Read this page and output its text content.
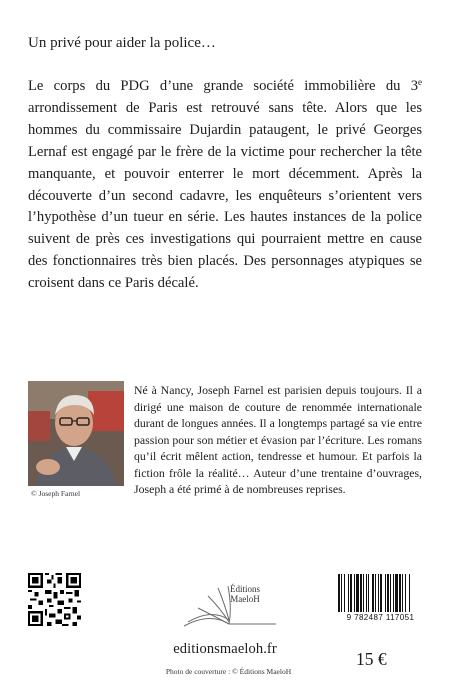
Un privé pour aider la police…

Le corps du PDG d’une grande société immobilière du 3e arrondissement de Paris est retrouvé sans tête. Alors que les hommes du commissaire Dujardin pataugent, le privé Georges Lernaf est engagé par le frère de la victime pour rechercher la tête manquante, et pouvoir enterrer le mort décemment. Après la découverte d’un second cadavre, les enquêteurs s’orientent vers l’hypothèse d’un tueur en série. Les hautes instances de la police suivent de près ces investigations qui pourraient mettre en cause des fonctionnaires très bien placés. Des personnages atypiques se croisent dans ce Paris décalé.

© Joseph Farnel

Né à Nancy, Joseph Farnel est parisien depuis toujours. Il a dirigé une maison de couture de renommée internationale durant de longues années. Il a longtemps partagé sa vie entre passion pour son métier et évasion par l’écriture. Les romans qu’il écrit mêlent action, tendresse et humour. Et parfois la fiction frôle la réalité… Auteur d’une trentaine d’ouvrages, Joseph a été primé à de nombreuses reprises.

Éditions
MaeloH
editionsmaeloh.fr
Photo de couverture : © Éditions MaeloH
9 782487 117051
15 €
